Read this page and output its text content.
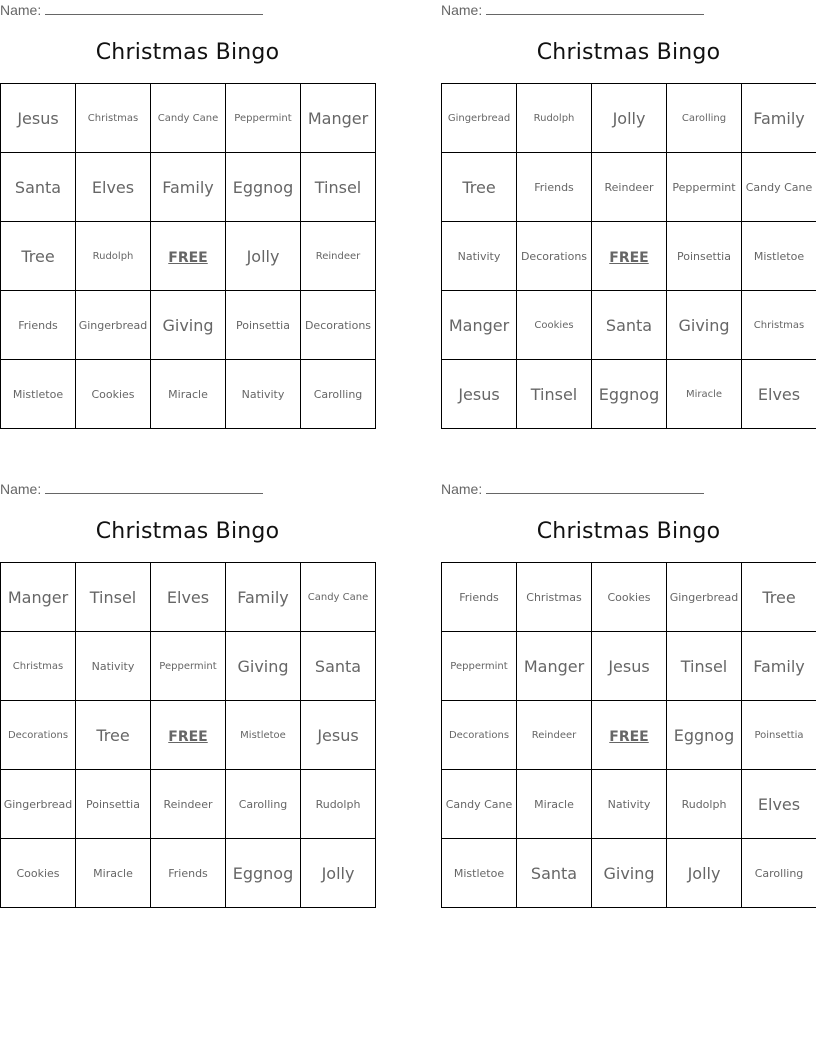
Name:
Christmas Bingo
Jesus	Christmas	Candy Cane	Peppermint	Manger
Santa	Elves	Family	Eggnog	Tinsel
Tree	Rudolph	FREE	Jolly	Reindeer
Friends	Gingerbread	Giving	Poinsettia	Decorations
Mistletoe	Cookies	Miracle	Nativity	Carolling
Name:
Christmas Bingo
Gingerbread	Rudolph	Jolly	Carolling	Family
Tree	Friends	Reindeer	Peppermint	Candy Cane
Nativity	Decorations	FREE	Poinsettia	Mistletoe
Manger	Cookies	Santa	Giving	Christmas
Jesus	Tinsel	Eggnog	Miracle	Elves
Name:
Christmas Bingo
Manger	Tinsel	Elves	Family	Candy Cane
Christmas	Nativity	Peppermint	Giving	Santa
Decorations	Tree	FREE	Mistletoe	Jesus
Gingerbread	Poinsettia	Reindeer	Carolling	Rudolph
Cookies	Miracle	Friends	Eggnog	Jolly
Name:
Christmas Bingo
Friends	Christmas	Cookies	Gingerbread	Tree
Peppermint	Manger	Jesus	Tinsel	Family
Decorations	Reindeer	FREE	Eggnog	Poinsettia
Candy Cane	Miracle	Nativity	Rudolph	Elves
Mistletoe	Santa	Giving	Jolly	Carolling
